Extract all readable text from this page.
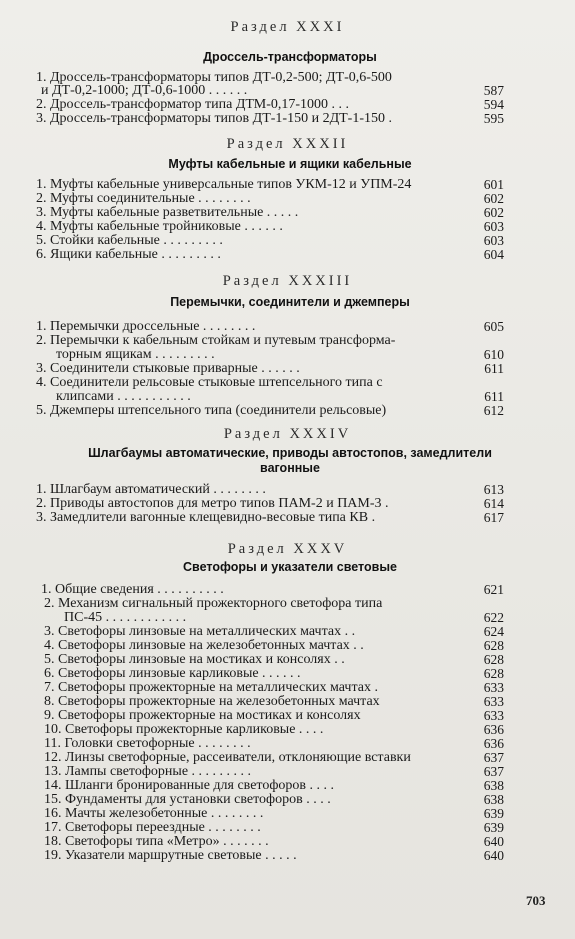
Раздел XXXI
Дроссель-трансформаторы
1. Дроссель-трансформаторы типов ДТ-0,2-500; ДТ-0,6-500
и ДТ-0,2-1000; ДТ-0,6-1000 . . . . . .	587
2. Дроссель-трансформатор типа ДТМ-0,17-1000 . . .	594
3. Дроссель-трансформаторы типов ДТ-1-150 и 2ДТ-1-150 .	595
Раздел XXXII
Муфты кабельные и ящики кабельные
1. Муфты кабельные универсальные типов УКМ-12 и УПМ-24	601
2. Муфты соединительные . . . . . . . .	602
3. Муфты кабельные разветвительные . . . . .	602
4. Муфты кабельные тройниковые . . . . . .	603
5. Стойки кабельные . . . . . . . . .	603
6. Ящики кабельные . . . . . . . . .	604
Раздел XXXIII
Перемычки, соединители и джемперы
1. Перемычки дроссельные . . . . . . . .	605
2. Перемычки к кабельным стойкам и путевым трансформа-
торным ящикам . . . . . . . . .	610
3. Соединители стыковые приварные . . . . . .	611
4. Соединители рельсовые стыковые штепсельного типа с
клипсами . . . . . . . . . . .	611
5. Джемперы штепсельного типа (соединители рельсовые)	612
Раздел XXXIV
Шлагбаумы автоматические, приводы автостопов, замедлители вагонные
1. Шлагбаум автоматический . . . . . . . .	613
2. Приводы автостопов для метро типов ПАМ-2 и ПАМ-3 .	614
3. Замедлители вагонные клещевидно-весовые типа КВ .	617
Раздел XXXV
Светофоры и указатели световые
1. Общие сведения . . . . . . . . . .	621
2. Механизм сигнальный прожекторного светофора типа
ПС-45 . . . . . . . . . . . .	622
3. Светофоры линзовые на металлических мачтах . .	624
4. Светофоры линзовые на железобетонных мачтах . .	628
5. Светофоры линзовые на мостиках и консолях . .	628
6. Светофоры линзовые карликовые . . . . . .	628
7. Светофоры прожекторные на металлических мачтах .	633
8. Светофоры прожекторные на железобетонных мачтах	633
9. Светофоры прожекторные на мостиках и консолях	633
10. Светофоры прожекторные карликовые . . . .	636
11. Головки светофорные . . . . . . . .	636
12. Линзы светофорные, рассеиватели, отклоняющие вставки	637
13. Лампы светофорные . . . . . . . . .	637
14. Шланги бронированные для светофоров . . . .	638
15. Фундаменты для установки светофоров . . . .	638
16. Мачты железобетонные . . . . . . . .	639
17. Светофоры переездные . . . . . . . .	639
18. Светофоры типа «Метро» . . . . . . .	640
19. Указатели маршрутные световые . . . . .	640
703
